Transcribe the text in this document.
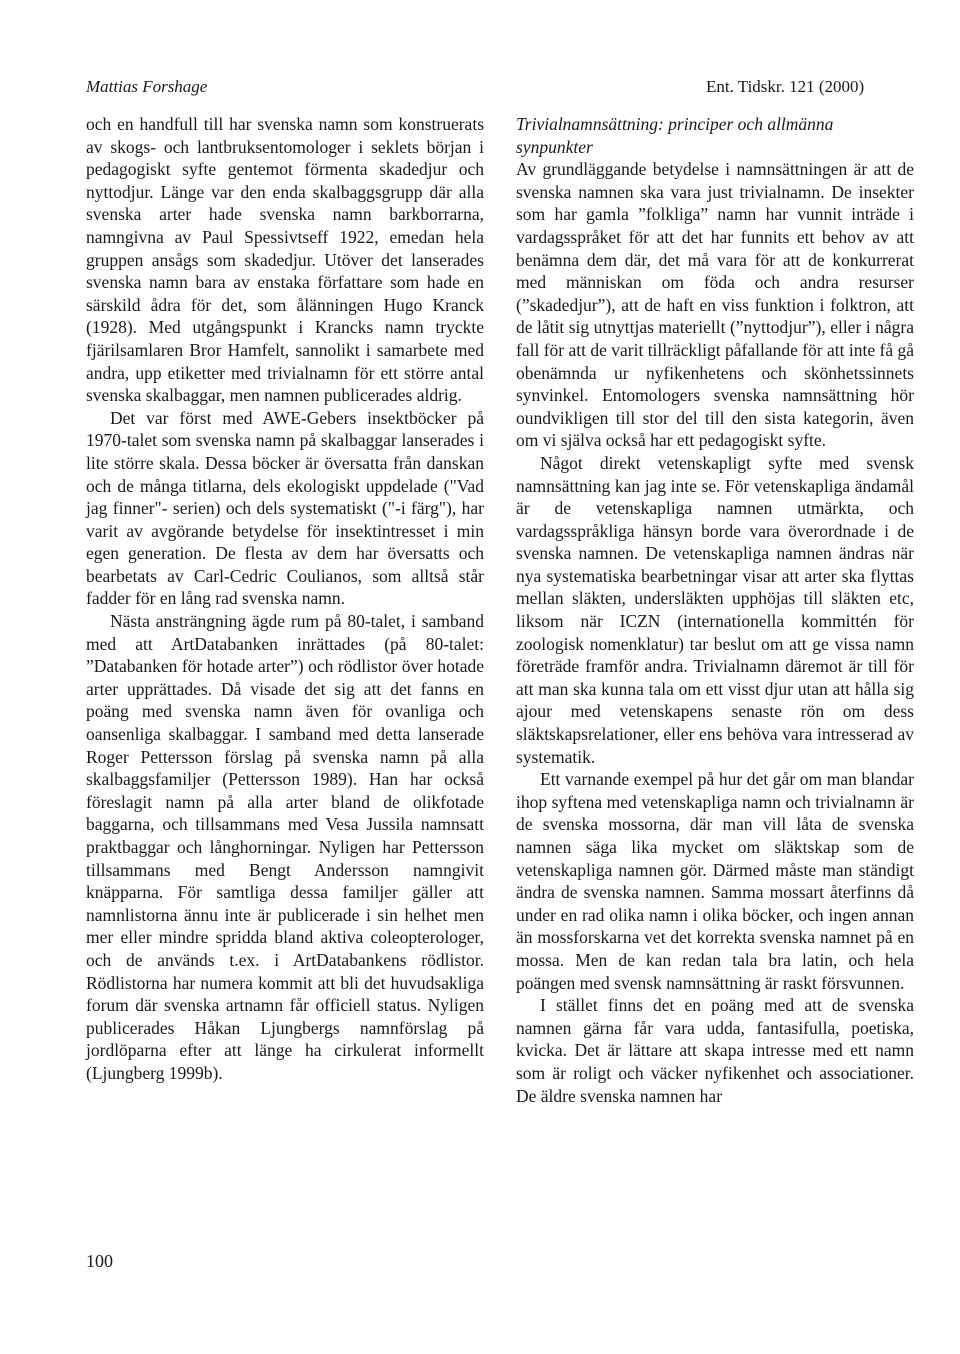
Mattias Forshage	Ent. Tidskr. 121 (2000)

och en handfull till har svenska namn som konstruerats av skogs- och lantbruksentomologer i seklets början i pedagogiskt syfte gentemot förmenta skadedjur och nyttodjur. Länge var den enda skalbaggsgrupp där alla svenska arter hade svenska namn barkborrarna, namngivna av Paul Spessivtseff 1922, emedan hela gruppen ansågs som skadedjur. Utöver det lanserades svenska namn bara av enstaka författare som hade en särskild ådra för det, som ålänningen Hugo Kranck (1928). Med utgångspunkt i Krancks namn tryckte fjärilsamlaren Bror Hamfelt, sannolikt i samarbete med andra, upp etiketter med trivialnamn för ett större antal svenska skalbaggar, men namnen publicerades aldrig.

Det var först med AWE-Gebers insektböcker på 1970-talet som svenska namn på skalbaggar lanserades i lite större skala. Dessa böcker är översatta från danskan och de många titlarna, dels ekologiskt uppdelade ("Vad jag finner"- serien) och dels systematiskt ("-i färg"), har varit av avgörande betydelse för insektintresset i min egen generation. De flesta av dem har översatts och bearbetats av Carl-Cedric Coulianos, som alltså står fadder för en lång rad svenska namn.

Nästa ansträngning ägde rum på 80-talet, i samband med att ArtDatabanken inrättades (på 80-talet: ”Databanken för hotade arter”) och rödlistor över hotade arter upprättades. Då visade det sig att det fanns en poäng med svenska namn även för ovanliga och oansenliga skalbaggar. I samband med detta lanserade Roger Pettersson förslag på svenska namn på alla skalbaggsfamiljer (Pettersson 1989). Han har också föreslagit namn på alla arter bland de olikfotade baggarna, och tillsammans med Vesa Jussila namnsatt praktbaggar och långhorningar. Nyligen har Pettersson tillsammans med Bengt Andersson namngivit knäpparna. För samtliga dessa familjer gäller att namnlistorna ännu inte är publicerade i sin helhet men mer eller mindre spridda bland aktiva coleopterologer, och de används t.ex. i ArtDatabankens rödlistor. Rödlistorna har numera kommit att bli det huvudsakliga forum där svenska artnamn får officiell status. Nyligen publicerades Håkan Ljungbergs namnförslag på jordlöparna efter att länge ha cirkulerat informellt (Ljungberg 1999b).

Trivialnamnsättning: principer och allmänna synpunkter

Av grundläggande betydelse i namnsättningen är att de svenska namnen ska vara just trivialnamn. De insekter som har gamla ”folkliga” namn har vunnit inträde i vardagsspråket för att det har funnits ett behov av att benämna dem där, det må vara för att de konkurrerat med människan om föda och andra resurser (”skadedjur”), att de haft en viss funktion i folktron, att de låtit sig utnyttjas materiellt (”nyttodjur”), eller i några fall för att de varit tillräckligt påfallande för att inte få gå obenämnda ur nyfikenhetens och skönhetssinnets synvinkel. Entomologers svenska namnsättning hör oundvikligen till stor del till den sista kategorin, även om vi själva också har ett pedagogiskt syfte.

Något direkt vetenskapligt syfte med svensk namnsättning kan jag inte se. För vetenskapliga ändamål är de vetenskapliga namnen utmärkta, och vardagsspråkliga hänsyn borde vara överordnade i de svenska namnen. De vetenskapliga namnen ändras när nya systematiska bearbetningar visar att arter ska flyttas mellan släkten, undersläkten upphöjas till släkten etc, liksom när ICZN (internationella kommittén för zoologisk nomenklatur) tar beslut om att ge vissa namn företräde framför andra. Trivialnamn däremot är till för att man ska kunna tala om ett visst djur utan att hålla sig ajour med vetenskapens senaste rön om dess släktskapsrelationer, eller ens behöva vara intresserad av systematik.

Ett varnande exempel på hur det går om man blandar ihop syftena med vetenskapliga namn och trivialnamn är de svenska mossorna, där man vill låta de svenska namnen säga lika mycket om släktskap som de vetenskapliga namnen gör. Därmed måste man ständigt ändra de svenska namnen. Samma mossart återfinns då under en rad olika namn i olika böcker, och ingen annan än mossforskarna vet det korrekta svenska namnet på en mossa. Men de kan redan tala bra latin, och hela poängen med svensk namnsättning är raskt försvunnen.

I stället finns det en poäng med att de svenska namnen gärna får vara udda, fantasifulla, poetiska, kvicka. Det är lättare att skapa intresse med ett namn som är roligt och väcker nyfikenhet och associationer. De äldre svenska namnen har

100
